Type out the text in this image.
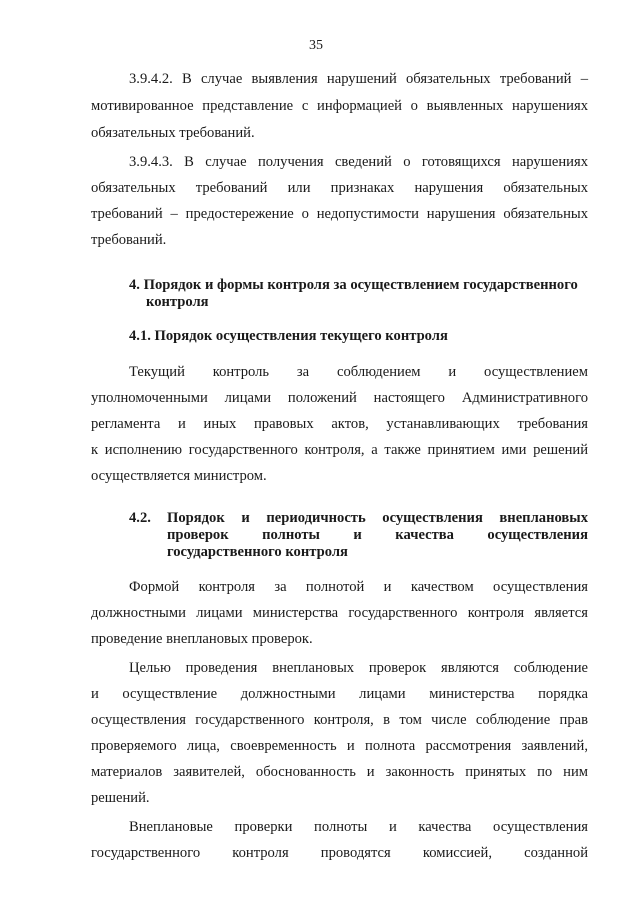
35
3.9.4.2. В случае выявления нарушений обязательных требований –
мотивированное представление с информацией о выявленных нарушениях
обязательных требований.
3.9.4.3. В случае получения сведений о готовящихся нарушениях
обязательных требований или признаках нарушения обязательных
требований – предостережение о недопустимости нарушения обязательных
требований.
4. Порядок и формы контроля за осуществлением государственного
контроля
4.1. Порядок осуществления текущего контроля
Текущий контроль за соблюдением и осуществлением
уполномоченными лицами положений настоящего Административного
регламента и иных правовых актов, устанавливающих требования
к исполнению государственного контроля, а также принятием ими решений
осуществляется министром.
4.2. Порядок и периодичность осуществления внеплановых
проверок полноты и качества осуществления
государственного контроля
Формой контроля за полнотой и качеством осуществления
должностными лицами министерства государственного контроля является
проведение внеплановых проверок.
Целью проведения внеплановых проверок являются соблюдение
и осуществление должностными лицами министерства порядка
осуществления государственного контроля, в том числе соблюдение прав
проверяемого лица, своевременность и полнота рассмотрения заявлений,
материалов заявителей, обоснованность и законность принятых по ним
решений.
Внеплановые проверки полноты и качества осуществления
государственного контроля проводятся комиссией, созданной
